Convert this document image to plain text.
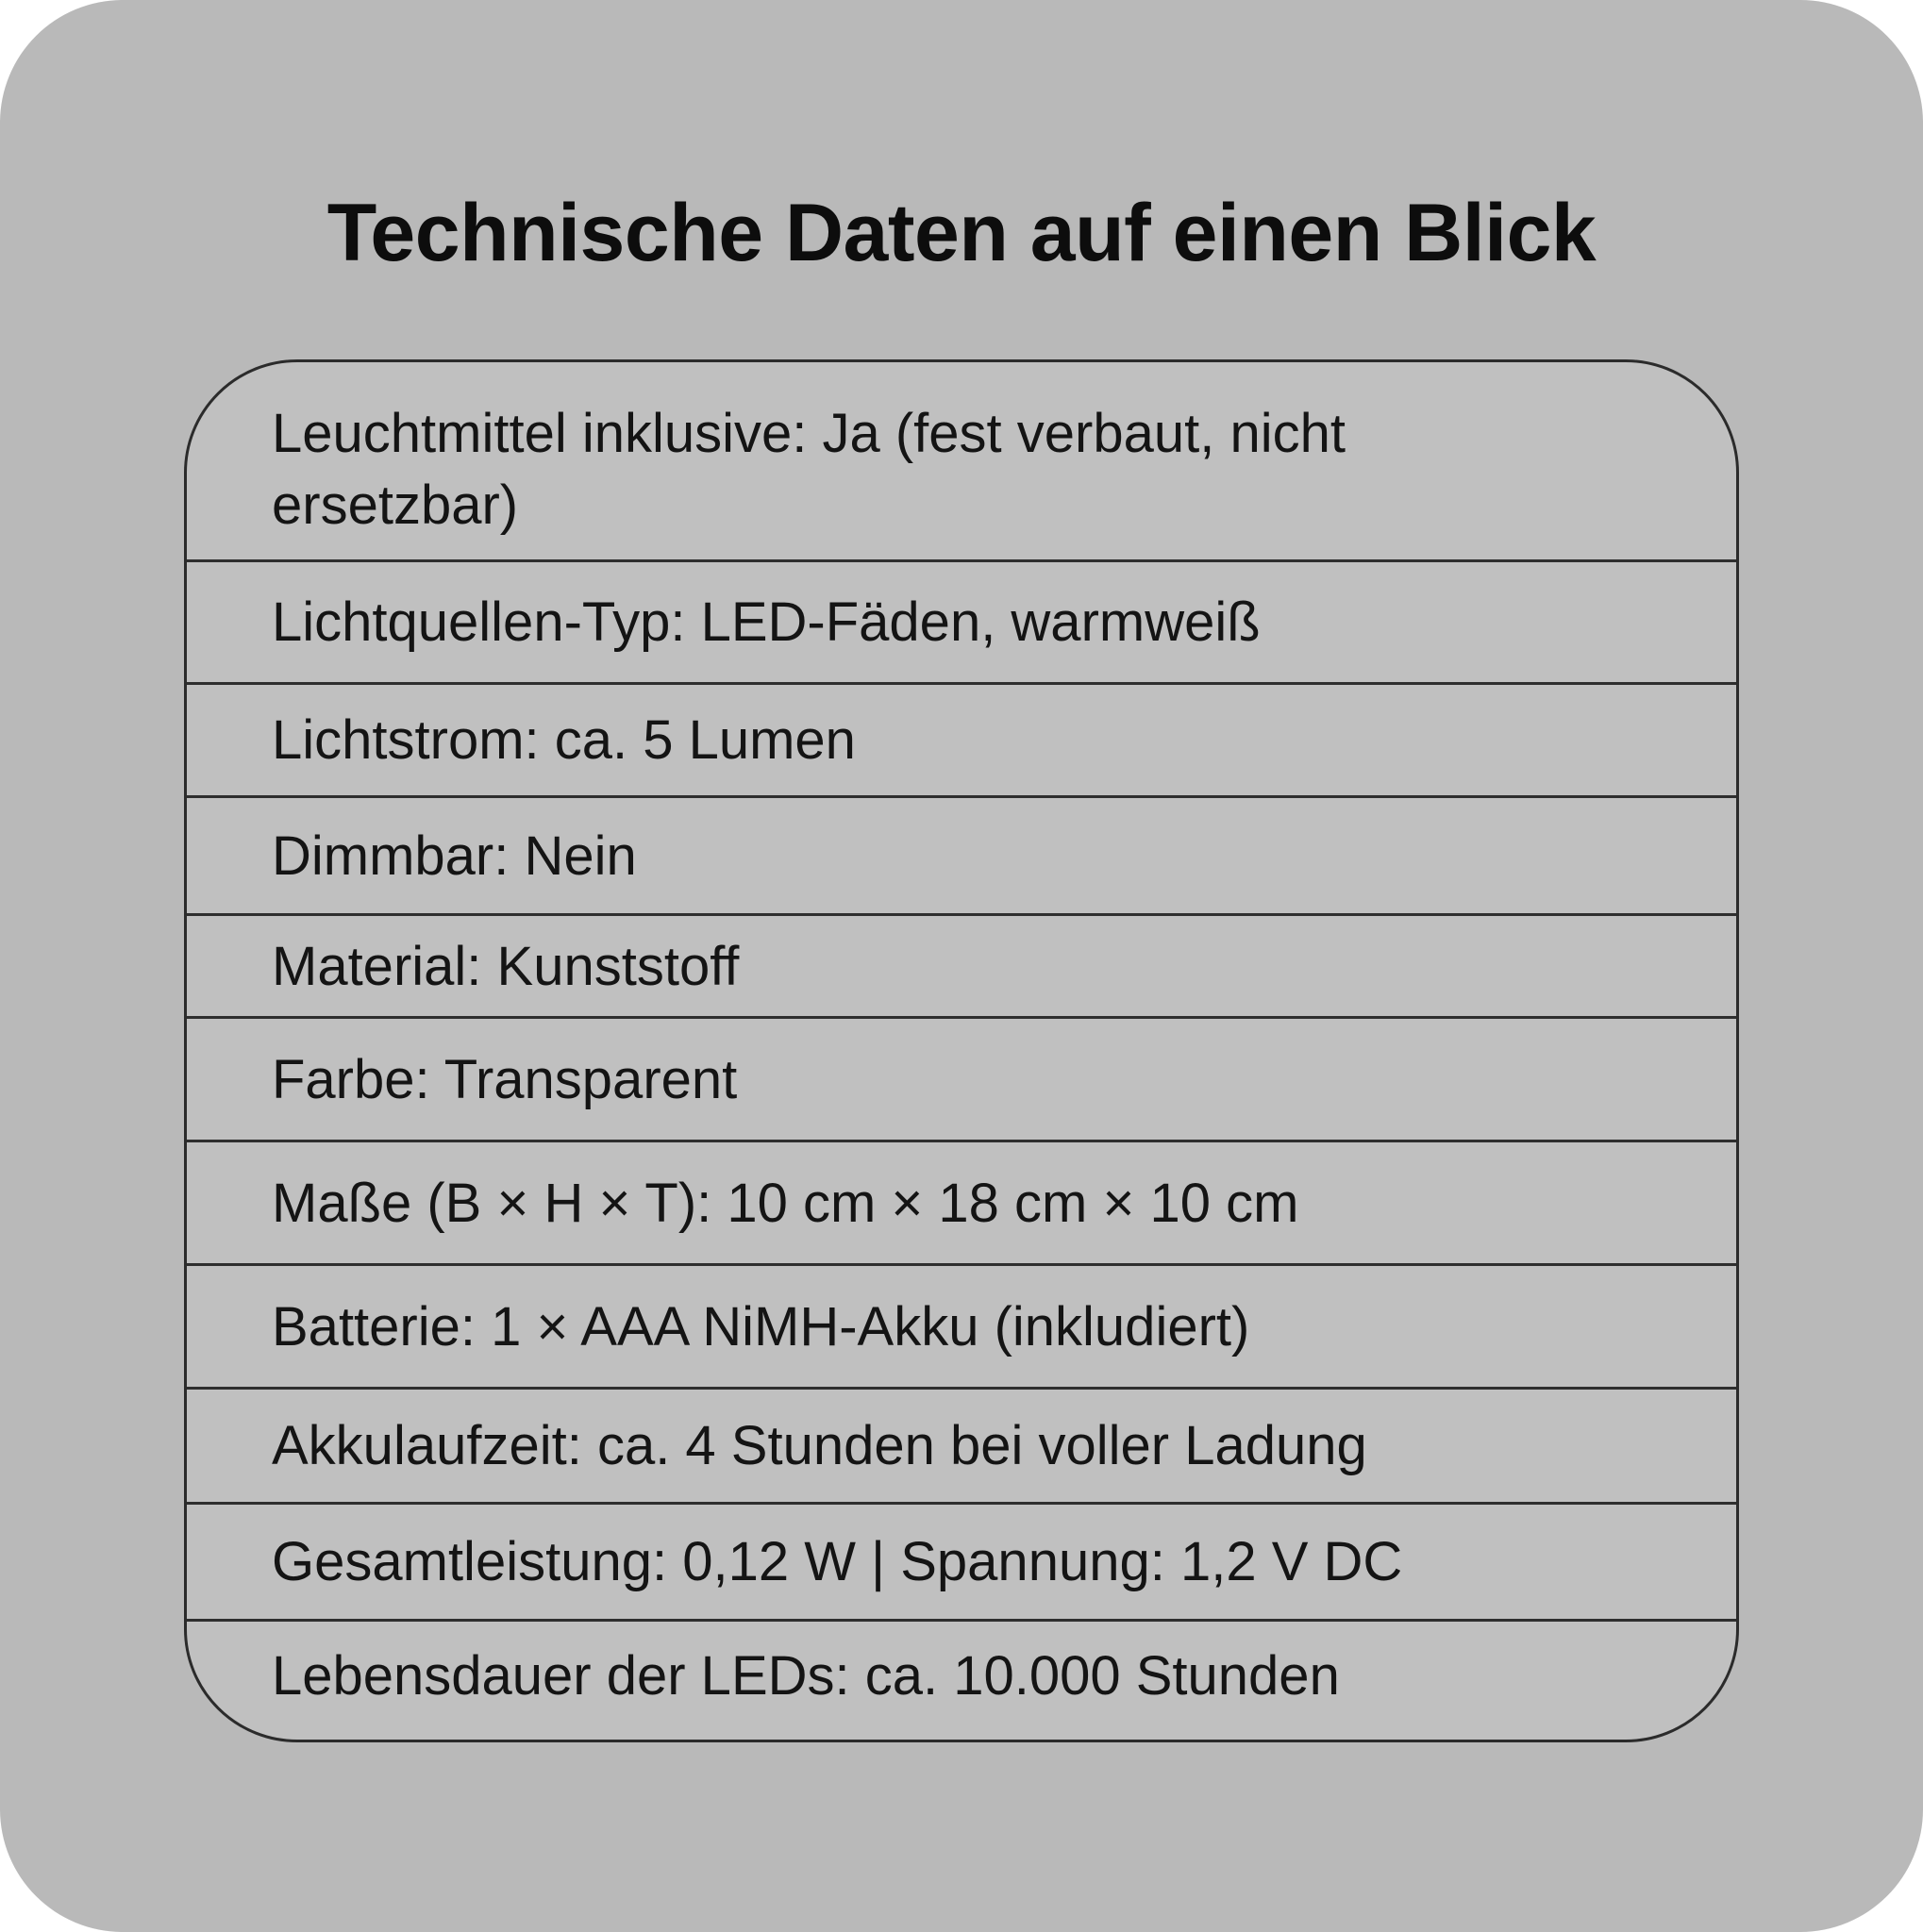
Technische Daten auf einen Blick
Leuchtmittel inklusive: Ja (fest verbaut, nicht ersetzbar)
Lichtquellen-Typ: LED-Fäden, warmweiß
Lichtstrom: ca. 5 Lumen
Dimmbar: Nein
Material: Kunststoff
Farbe: Transparent
Maße (B × H × T): 10 cm × 18 cm × 10 cm
Batterie: 1 × AAA NiMH-Akku (inkludiert)
Akkulaufzeit: ca. 4 Stunden bei voller Ladung
Gesamtleistung: 0,12 W | Spannung: 1,2 V DC
Lebensdauer der LEDs: ca. 10.000 Stunden
